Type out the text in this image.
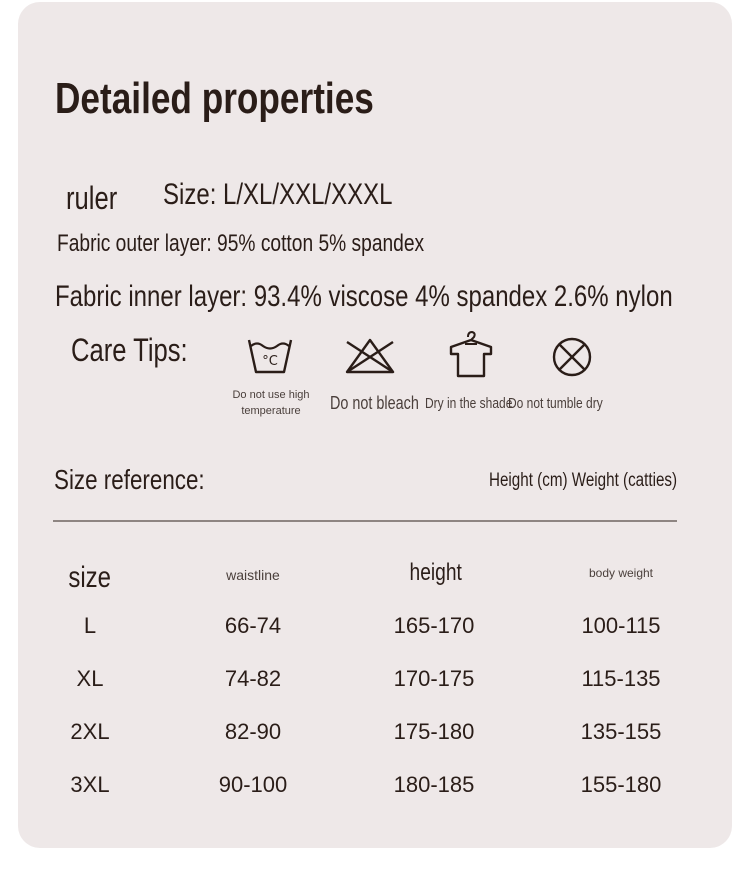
Detailed properties
ruler	Size: L/XL/XXL/XXXL
Fabric outer layer: 95% cotton 5% spandex
Fabric inner layer: 93.4% viscose 4% spandex 2.6% nylon
Care Tips:	°C
Do not use high temperature	Do not bleach Dry in the shade
Do not tumble dry
Size reference:	Height (cm) Weight (catties)
size	waistline	height	body weight
L	66-74	165-170	100-115
XL	74-82	170-175	115-135
2XL	82-90	175-180	135-155
3XL	90-100	180-185	155-180
